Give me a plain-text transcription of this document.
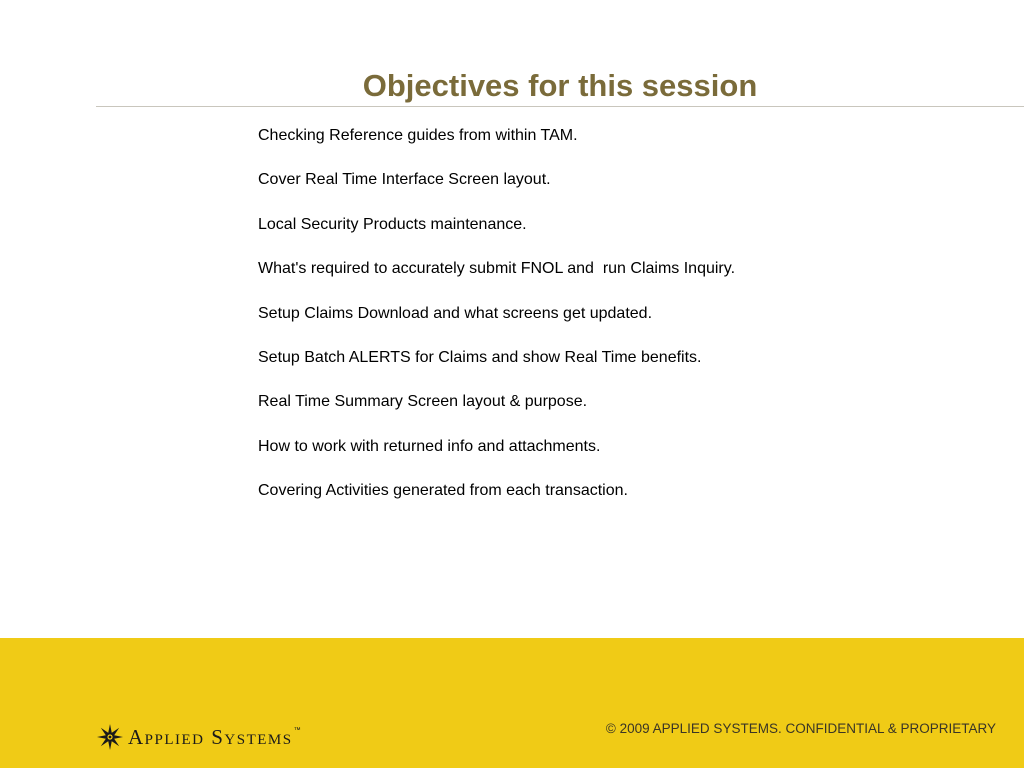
Objectives for this session
Checking Reference guides from within TAM.
Cover Real Time Interface Screen layout.
Local Security Products maintenance.
What's required to accurately submit FNOL and  run Claims Inquiry.
Setup Claims Download and what screens get updated.
Setup Batch ALERTS for Claims and show Real Time benefits.
Real Time Summary Screen layout & purpose.
How to work with returned info and attachments.
Covering Activities generated from each transaction.
Applied Systems ™	© 2009 APPLIED SYSTEMS. CONFIDENTIAL & PROPRIETARY
